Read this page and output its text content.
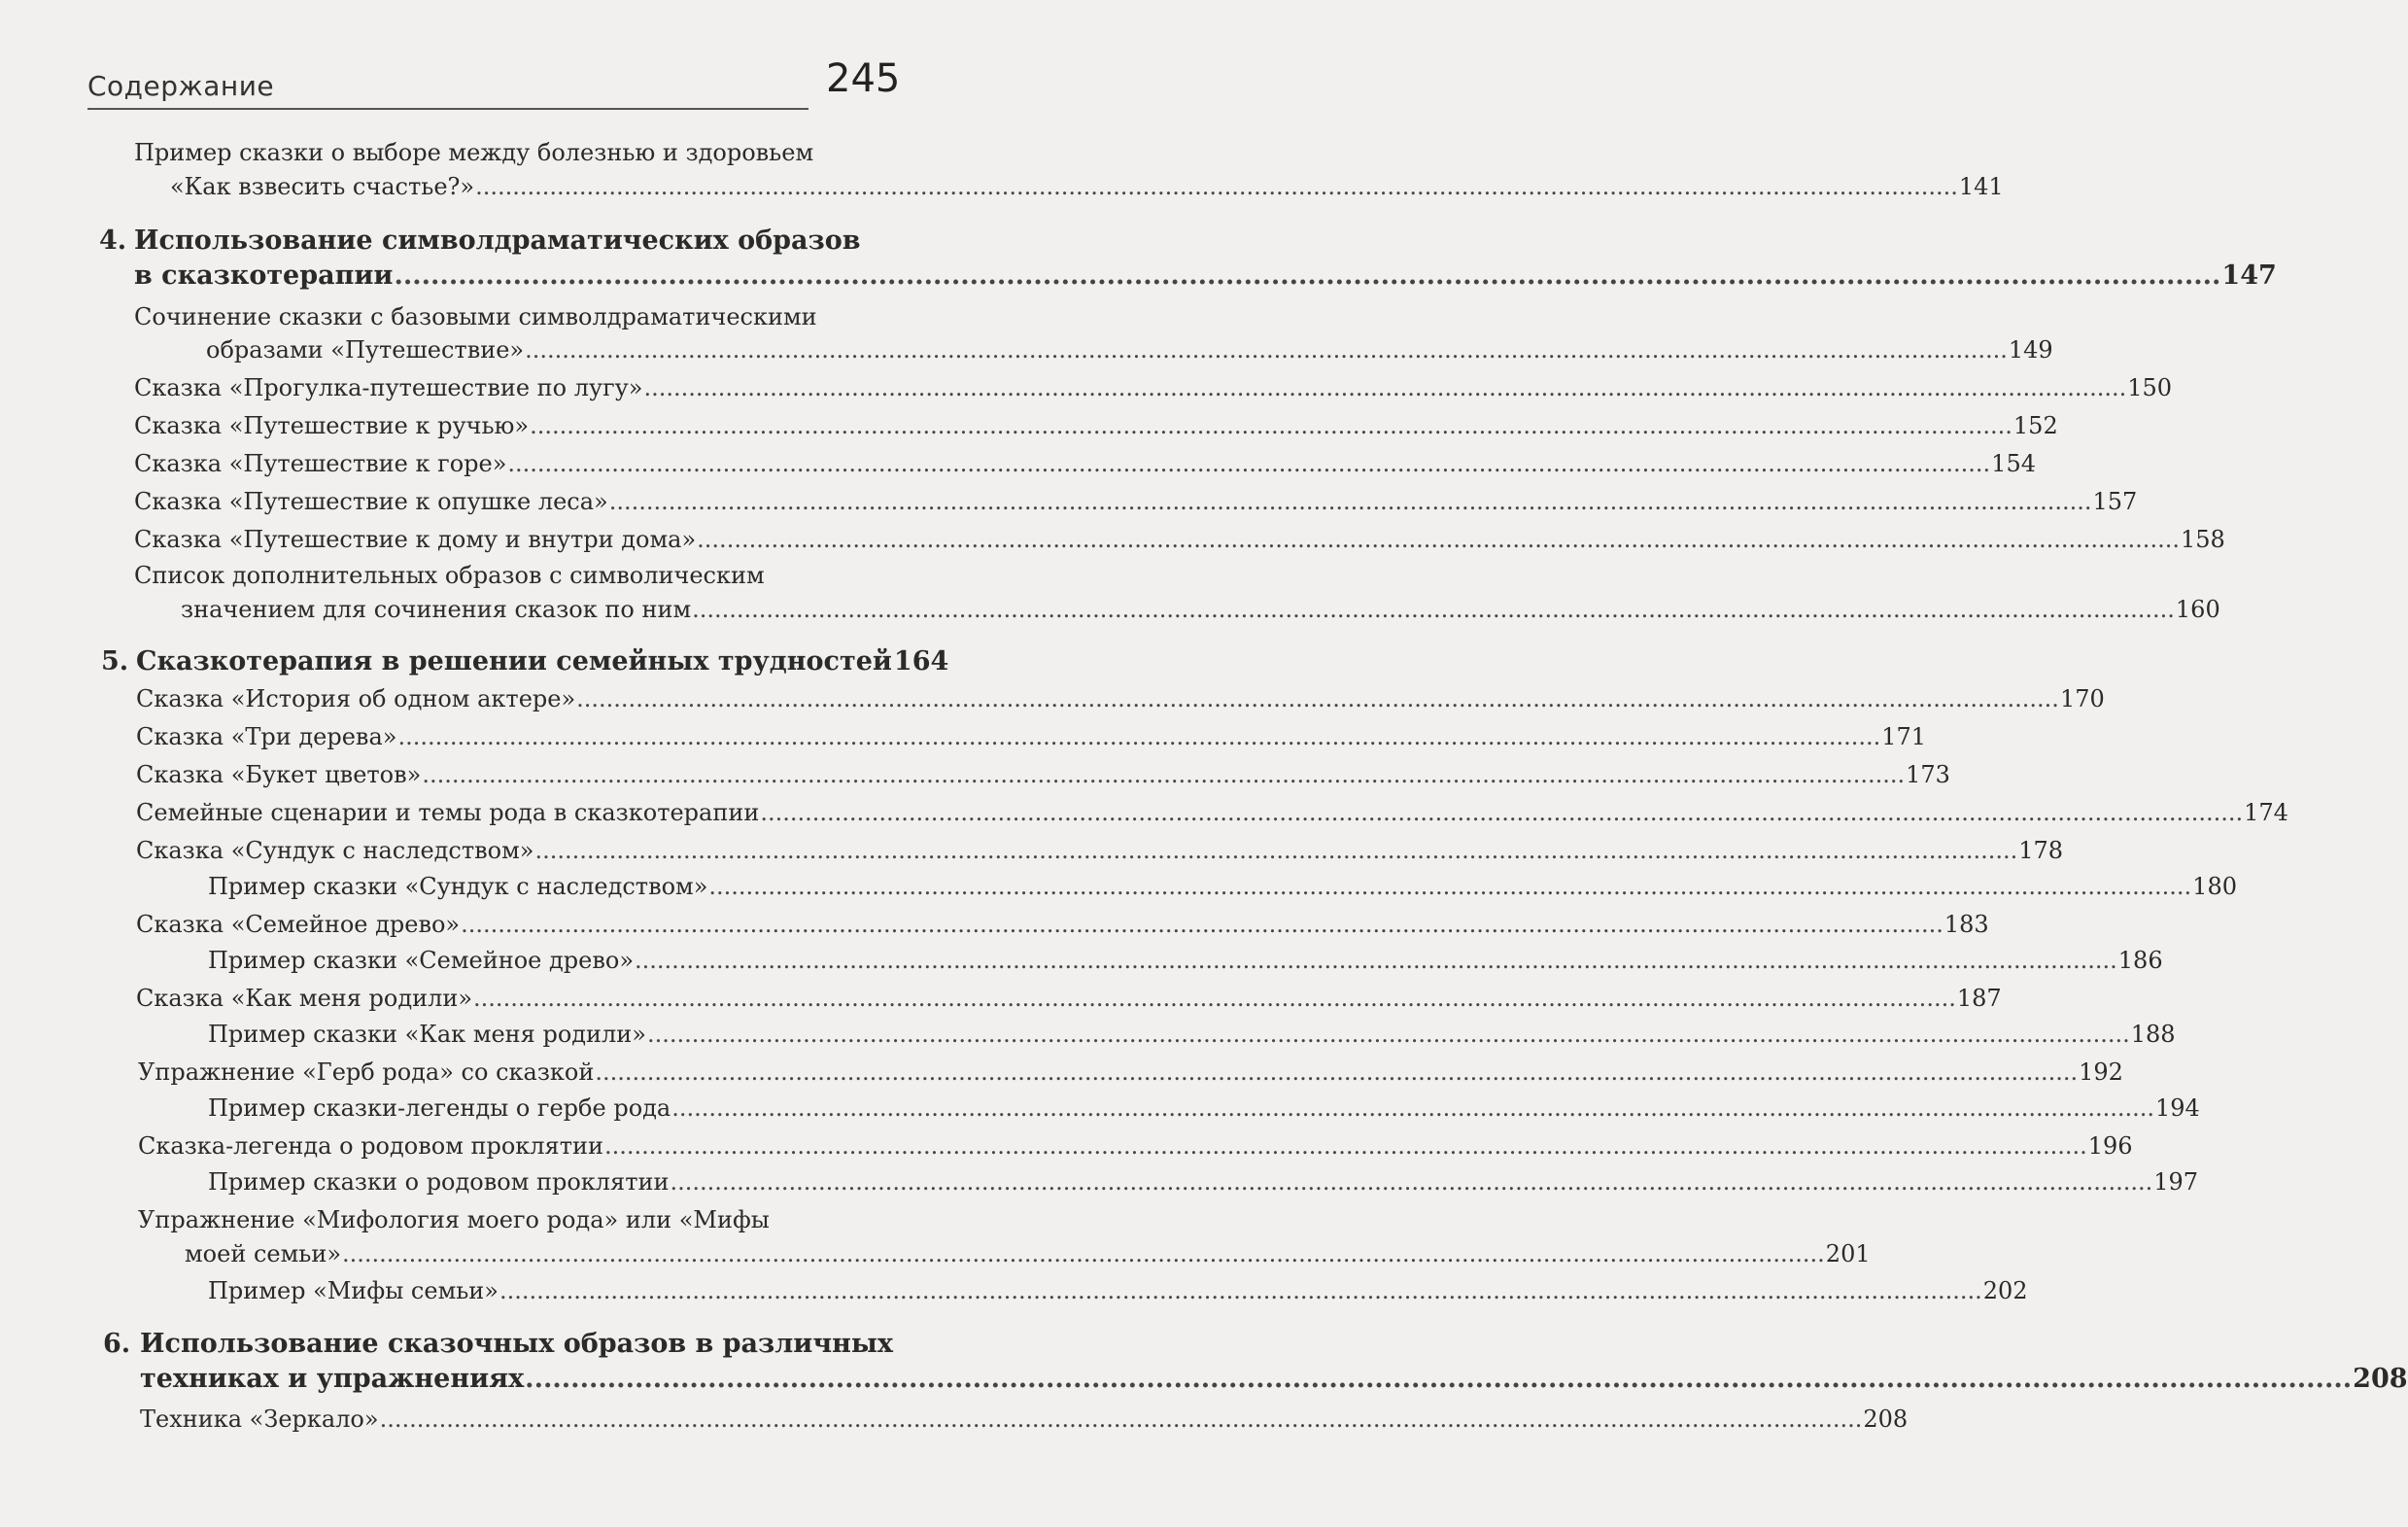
Содержание	245
Пример сказки о выборе между болезнью и здоровьем
«Как взвесить счастье?» ........................................................................................................................................................................................................ 141
4. Использование символдраматических образов
в сказкотерапии ........................................................................................................................................................................................................ 147
Сочинение сказки с базовыми символдраматическими
образами «Путешествие» ........................................................................................................................................................................................................ 149
Сказка «Прогулка-путешествие по лугу» ........................................................................................................................................................................................................ 150
Сказка «Путешествие к ручью» ........................................................................................................................................................................................................ 152
Сказка «Путешествие к горе» ........................................................................................................................................................................................................ 154
Сказка «Путешествие к опушке леса» ........................................................................................................................................................................................................ 157
Сказка «Путешествие к дому и внутри дома» ........................................................................................................................................................................................................ 158
Список дополнительных образов с символическим
значением для сочинения сказок по ним ........................................................................................................................................................................................................ 160
5. Сказкотерапия в решении семейных трудностей 164
Сказка «История об одном актере» ........................................................................................................................................................................................................ 170
Сказка «Три дерева» ........................................................................................................................................................................................................ 171
Сказка «Букет цветов» ........................................................................................................................................................................................................ 173
Семейные сценарии и темы рода в сказкотерапии ........................................................................................................................................................................................................ 174
Сказка «Сундук с наследством» ........................................................................................................................................................................................................ 178
Пример сказки «Сундук с наследством» ........................................................................................................................................................................................................ 180
Сказка «Семейное древо» ........................................................................................................................................................................................................ 183
Пример сказки «Семейное древо» ........................................................................................................................................................................................................ 186
Сказка «Как меня родили» ........................................................................................................................................................................................................ 187
Пример сказки «Как меня родили» ........................................................................................................................................................................................................ 188
Упражнение «Герб рода» со сказкой ........................................................................................................................................................................................................ 192
Пример сказки-легенды о гербе рода ........................................................................................................................................................................................................ 194
Сказка-легенда о родовом проклятии ........................................................................................................................................................................................................ 196
Пример сказки о родовом проклятии ........................................................................................................................................................................................................ 197
Упражнение «Мифология моего рода» или «Мифы
моей семьи» ........................................................................................................................................................................................................ 201
Пример «Мифы семьи» ........................................................................................................................................................................................................ 202
6. Использование сказочных образов в различных
техниках и упражнениях ........................................................................................................................................................................................................ 208
Техника «Зеркало» ........................................................................................................................................................................................................ 208
